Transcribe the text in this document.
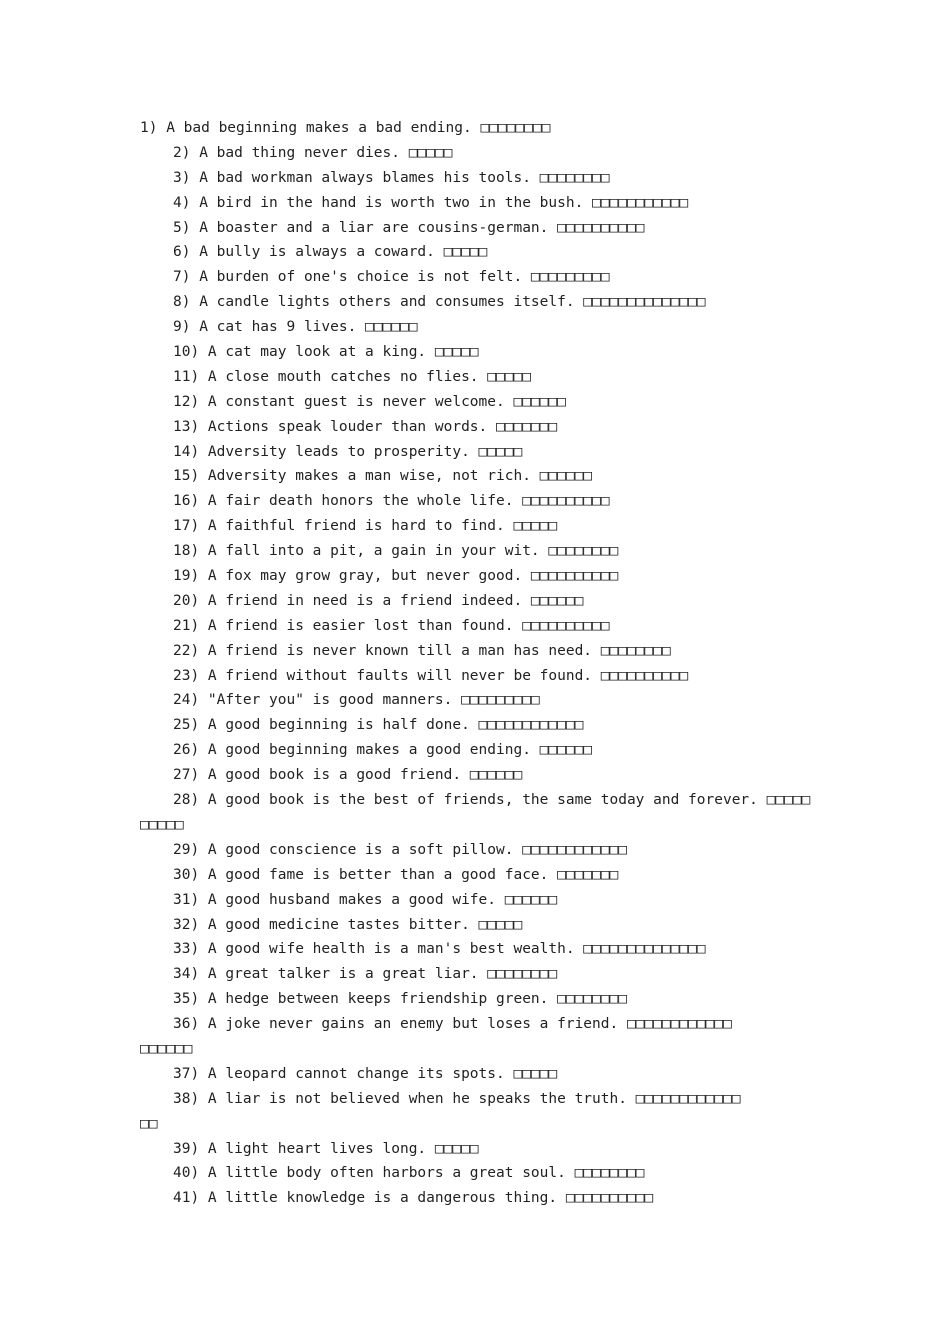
1) A bad beginning makes a bad ending. □□□□□□□□
2) A bad thing never dies. □□□□□
3) A bad workman always blames his tools. □□□□□□□□
4) A bird in the hand is worth two in the bush. □□□□□□□□□□□
5) A boaster and a liar are cousins-german. □□□□□□□□□□
6) A bully is always a coward. □□□□□
7) A burden of one's choice is not felt. □□□□□□□□□
8) A candle lights others and consumes itself. □□□□□□□□□□□□□□
9) A cat has 9 lives. □□□□□□
10) A cat may look at a king. □□□□□
11) A close mouth catches no flies. □□□□□
12) A constant guest is never welcome. □□□□□□
13) Actions speak louder than words. □□□□□□□
14) Adversity leads to prosperity. □□□□□
15) Adversity makes a man wise, not rich. □□□□□□
16) A fair death honors the whole life. □□□□□□□□□□
17) A faithful friend is hard to find. □□□□□
18) A fall into a pit, a gain in your wit. □□□□□□□□
19) A fox may grow gray, but never good. □□□□□□□□□□
20) A friend in need is a friend indeed. □□□□□□
21) A friend is easier lost than found. □□□□□□□□□□
22) A friend is never known till a man has need. □□□□□□□□
23) A friend without faults will never be found. □□□□□□□□□□
24) "After you" is good manners. □□□□□□□□□
25) A good beginning is half done. □□□□□□□□□□□□
26) A good beginning makes a good ending. □□□□□□
27) A good book is a good friend. □□□□□□
28) A good book is the best of friends, the same today and forever. □□□□□
□□□□□
29) A good conscience is a soft pillow. □□□□□□□□□□□□
30) A good fame is better than a good face. □□□□□□□
31) A good husband makes a good wife. □□□□□□
32) A good medicine tastes bitter. □□□□□
33) A good wife health is a man's best wealth. □□□□□□□□□□□□□□
34) A great talker is a great liar. □□□□□□□□
35) A hedge between keeps friendship green. □□□□□□□□
36) A joke never gains an enemy but loses a friend. □□□□□□□□□□□□
□□□□□□
37) A leopard cannot change its spots. □□□□□
38) A liar is not believed when he speaks the truth. □□□□□□□□□□□□
□□
39) A light heart lives long. □□□□□
40) A little body often harbors a great soul. □□□□□□□□
41) A little knowledge is a dangerous thing. □□□□□□□□□□
